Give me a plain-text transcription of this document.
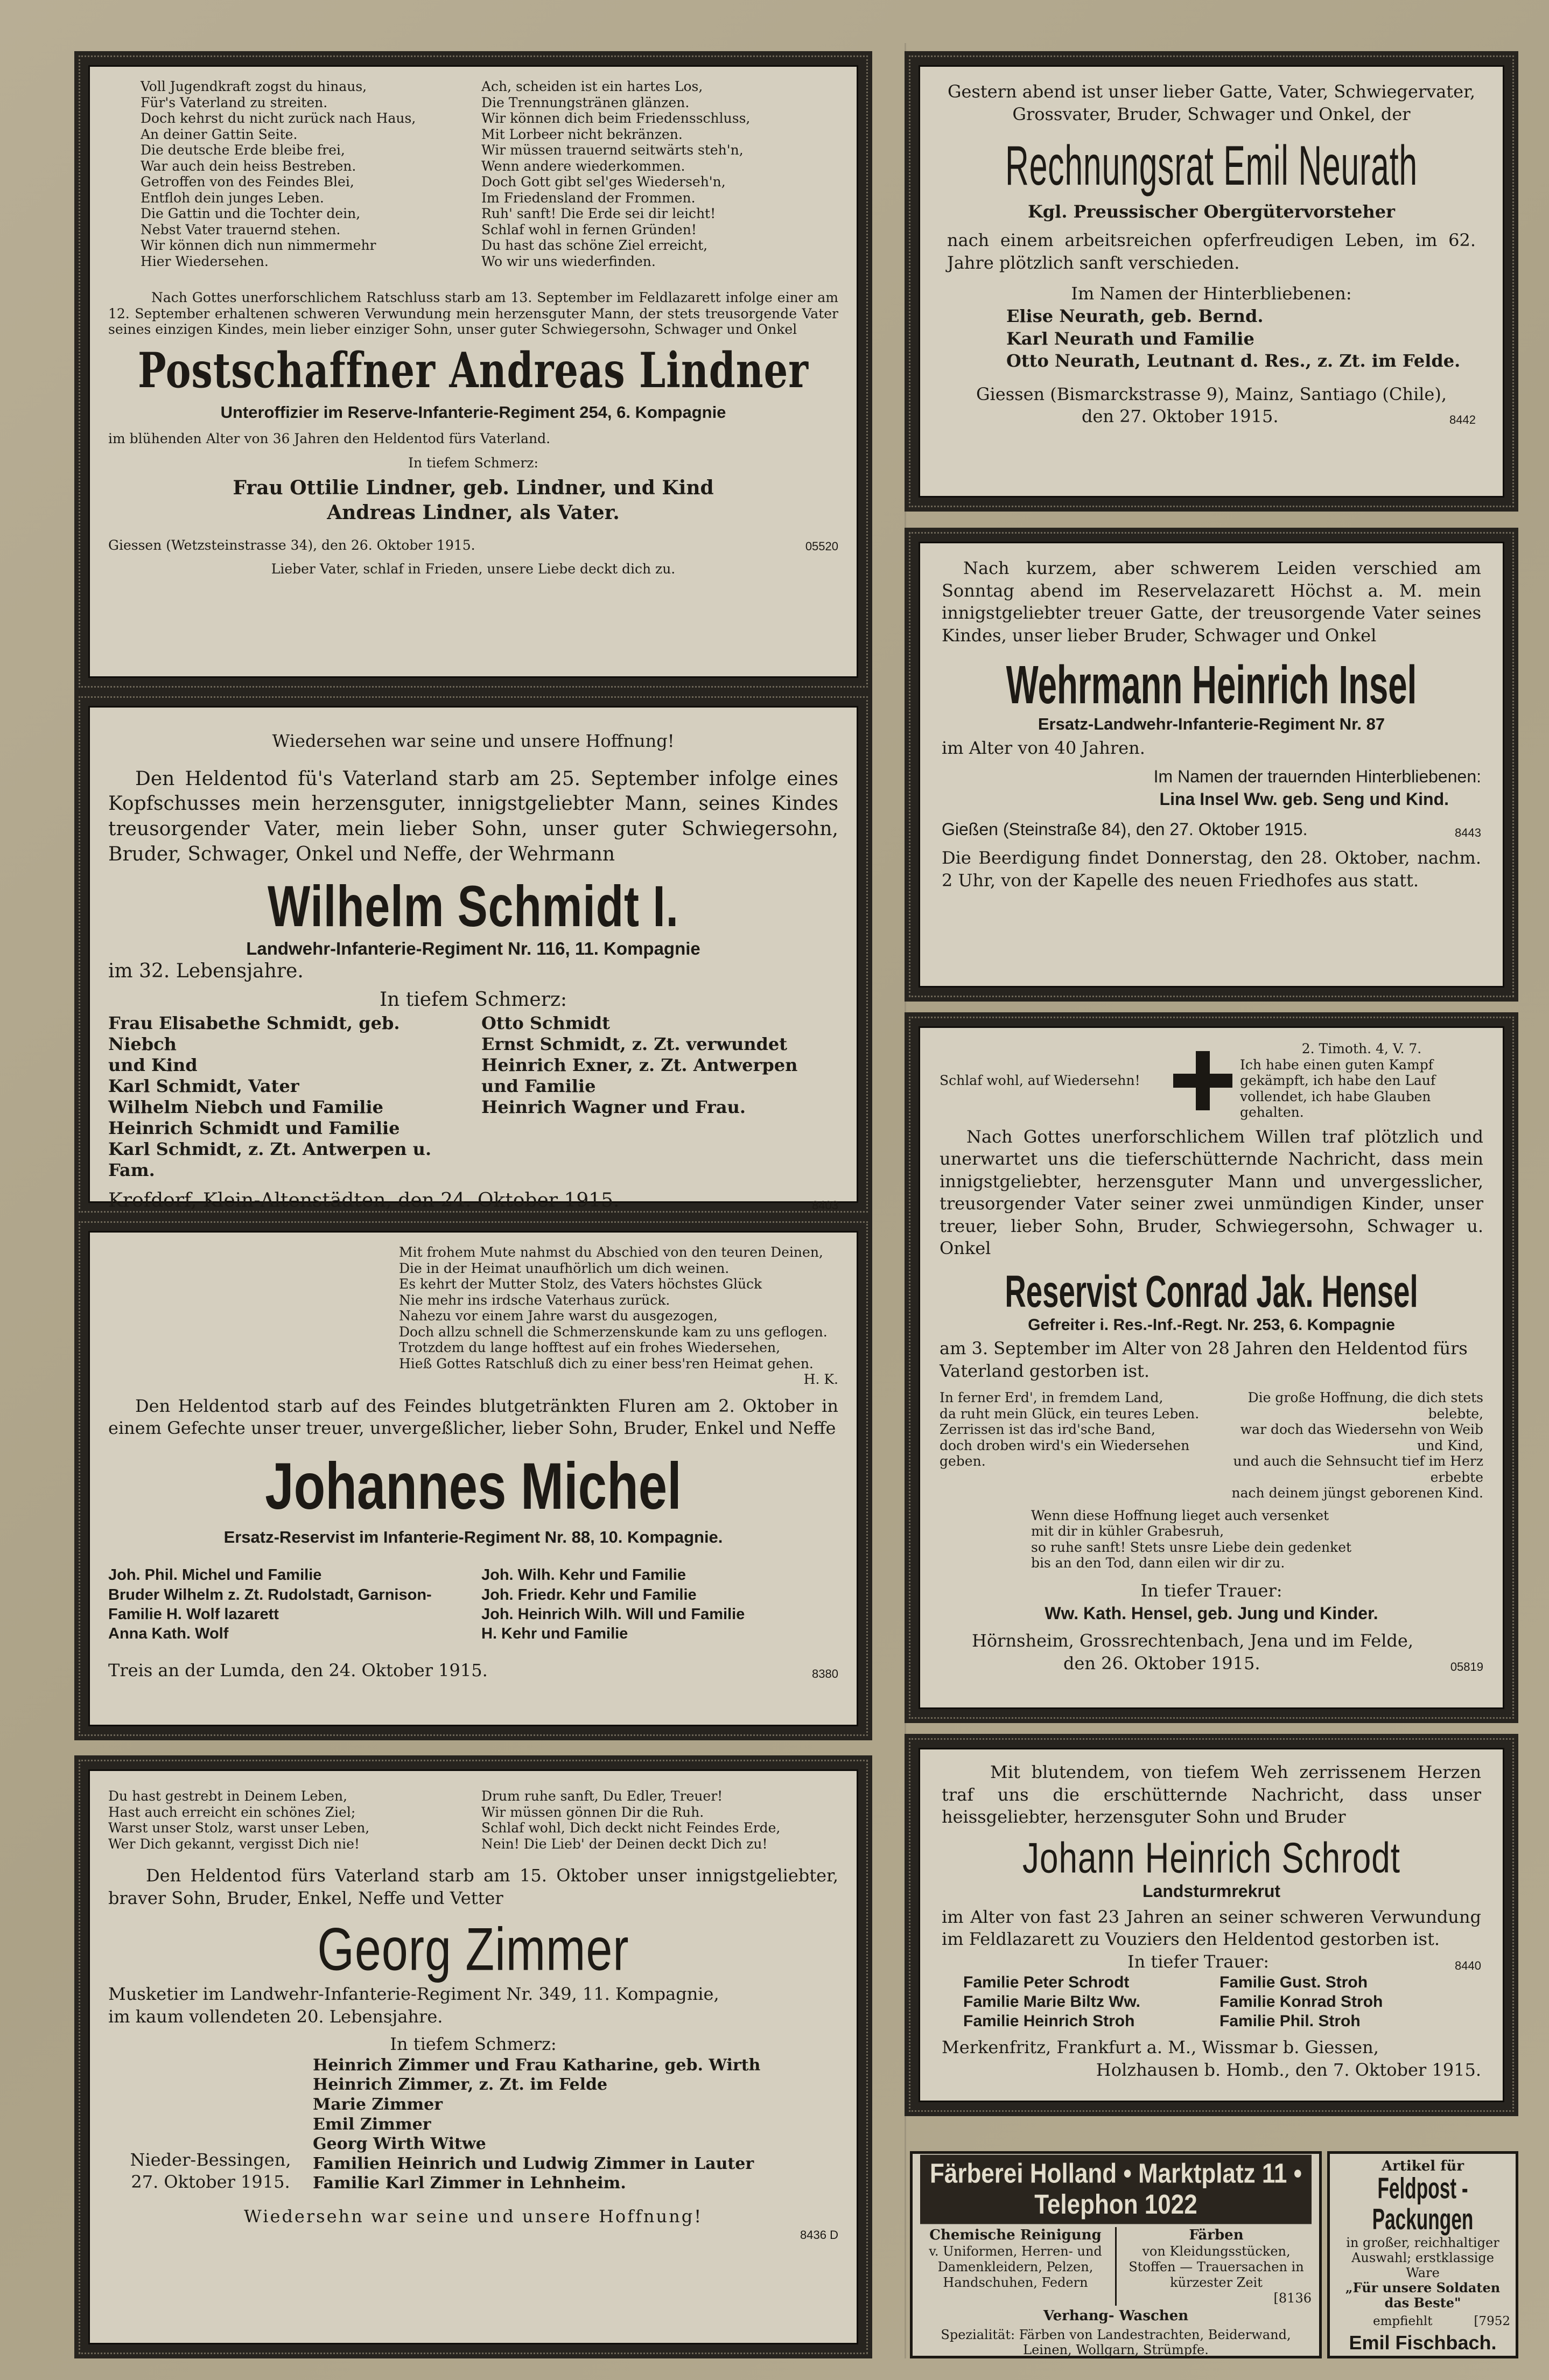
Voll Jugendkraft zogst du hinaus,
Für's Vaterland zu streiten.
Doch kehrst du nicht zurück nach Haus,
An deiner Gattin Seite.
Die deutsche Erde bleibe frei,
War auch dein heiss Bestreben.
Getroffen von des Feindes Blei,
Entfloh dein junges Leben.
Die Gattin und die Tochter dein,
Nebst Vater trauernd stehen.
Wir können dich nun nimmermehr
Hier Wiedersehen.
Ach, scheiden ist ein hartes Los,
Die Trennungstränen glänzen.
Wir können dich beim Friedensschluss,
Mit Lorbeer nicht bekränzen.
Wir müssen trauernd seitwärts steh'n,
Wenn andere wiederkommen.
Doch Gott gibt sel'ges Wiederseh'n,
Im Friedensland der Frommen.
Ruh' sanft! Die Erde sei dir leicht!
Schlaf wohl in fernen Gründen!
Du hast das schöne Ziel erreicht,
Wo wir uns wiederfinden.

Nach Gottes unerforschlichem Ratschluss starb am 13. September im Feldlazarett infolge einer am 12. September erhaltenen schweren Verwundung mein herzensguter Mann, der stets treusorgende Vater seines einzigen Kindes, mein lieber einziger Sohn, unser guter Schwiegersohn, Schwager und Onkel

Postschaffner Andreas Lindner
Unteroffizier im Reserve-Infanterie-Regiment 254, 6. Kompagnie

im blühenden Alter von 36 Jahren den Heldentod fürs Vaterland.

In tiefem Schmerz:

Frau Ottilie Lindner, geb. Lindner, und Kind

Andreas Lindner, als Vater.

Giessen (Wetzsteinstrasse 34), den 26. Oktober 1915.	05520

Lieber Vater, schlaf in Frieden, unsere Liebe deckt dich zu.

Wiedersehen war seine und unsere Hoffnung!

Den Heldentod fü's Vaterland starb am 25. September infolge eines Kopfschusses mein herzensguter, innigstgeliebter Mann, seines Kindes treusorgender Vater, mein lieber Sohn, unser guter Schwiegersohn, Bruder, Schwager, Onkel und Neffe, der Wehrmann

Wilhelm Schmidt I.
Landwehr-Infanterie-Regiment Nr. 116, 11. Kompagnie

im 32. Lebensjahre.

In tiefem Schmerz:

Frau Elisabethe Schmidt, geb. Niebch
und Kind
Karl Schmidt, Vater
Wilhelm Niebch und Familie
Heinrich Schmidt und Familie
Karl Schmidt, z. Zt. Antwerpen u. Fam.
Otto Schmidt
Ernst Schmidt, z. Zt. verwundet
Heinrich Exner, z. Zt. Antwerpen
und Familie
Heinrich Wagner und Frau.
Krofdorf, Klein-Altenstädten, den 24. Oktober 1915.	8403
Mit frohem Mute nahmst du Abschied von den teuren Deinen,
Die in der Heimat unaufhörlich um dich weinen.
Es kehrt der Mutter Stolz, des Vaters höchstes Glück
Nie mehr ins irdsche Vaterhaus zurück.
Nahezu vor einem Jahre warst du ausgezogen,
Doch allzu schnell die Schmerzenskunde kam zu uns geflogen.
Trotzdem du lange hofftest auf ein frohes Wiedersehen,
Hieß Gottes Ratschluß dich zu einer bess'ren Heimat gehen.

H. K.

Den Heldentod starb auf des Feindes blutgetränkten Fluren am 2. Oktober in einem Gefechte unser treuer, unvergeßlicher, lieber Sohn, Bruder, Enkel und Neffe

Johannes Michel
Ersatz-Reservist im Infanterie-Regiment Nr. 88, 10. Kompagnie.
Joh. Phil. Michel und Familie
Bruder Wilhelm z. Zt. Rudolstadt, Garnison-
Familie H. Wolf lazarett
Anna Kath. Wolf
Joh. Wilh. Kehr und Familie
Joh. Friedr. Kehr und Familie
Joh. Heinrich Wilh. Will und Familie
H. Kehr und Familie
Treis an der Lumda, den 24. Oktober 1915.	8380
Du hast gestrebt in Deinem Leben,
Hast auch erreicht ein schönes Ziel;
Warst unser Stolz, warst unser Leben,
Wer Dich gekannt, vergisst Dich nie!
Drum ruhe sanft, Du Edler, Treuer!
Wir müssen gönnen Dir die Ruh.
Schlaf wohl, Dich deckt nicht Feindes Erde,
Nein! Die Lieb' der Deinen deckt Dich zu!

Den Heldentod fürs Vaterland starb am 15. Oktober unser innigstgeliebter, braver Sohn, Bruder, Enkel, Neffe und Vetter

Georg Zimmer

Musketier im Landwehr-Infanterie-Regiment Nr. 349, 11. Kompagnie,

im kaum vollendeten 20. Lebensjahre.

In tiefem Schmerz:

Nieder-Bessingen,

27. Oktober 1915.

Heinrich Zimmer und Frau Katharine, geb. Wirth
Heinrich Zimmer, z. Zt. im Felde
Marie Zimmer
Emil Zimmer
Georg Wirth Witwe
Familien Heinrich und Ludwig Zimmer in Lauter
Familie Karl Zimmer in Lehnheim.

Wiedersehn war seine und unsere Hoffnung!

8436 D

Gestern abend ist unser lieber Gatte, Vater, Schwiegervater, Grossvater, Bruder, Schwager und Onkel, der

Rechnungsrat Emil Neurath

Kgl. Preussischer Obergütervorsteher

nach einem arbeitsreichen opferfreudigen Leben, im 62. Jahre plötzlich sanft verschieden.

Im Namen der Hinterbliebenen:

Elise Neurath, geb. Bernd.
Karl Neurath und Familie
Otto Neurath, Leutnant d. Res., z. Zt. im Felde.

Giessen (Bismarckstrasse 9), Mainz, Santiago (Chile),

den 27. Oktober 1915.	8442

Nach kurzem, aber schwerem Leiden verschied am Sonntag abend im Reservelazarett Höchst a. M. mein innigstgeliebter treuer Gatte, der treusorgende Vater seines Kindes, unser lieber Bruder, Schwager und Onkel

Wehrmann Heinrich Insel
Ersatz-Landwehr-Infanterie-Regiment Nr. 87

im Alter von 40 Jahren.

Im Namen der trauernden Hinterbliebenen:

Lina Insel Ww. geb. Seng und Kind.

Gießen (Steinstraße 84), den 27. Oktober 1915.	8443

Die Beerdigung findet Donnerstag, den 28. Oktober, nachm. 2 Uhr, von der Kapelle des neuen Friedhofes aus statt.

Schlaf wohl, auf Wiedersehn!

2. Timoth. 4, V. 7.

Ich habe einen guten Kampf gekämpft, ich habe den Lauf vollendet, ich habe Glauben gehalten.

Nach Gottes unerforschlichem Willen traf plötzlich und unerwartet uns die tieferschütternde Nachricht, dass mein innigstgeliebter, herzensguter Mann und unvergesslicher, treusorgender Vater seiner zwei unmündigen Kinder, unser treuer, lieber Sohn, Bruder, Schwiegersohn, Schwager u. Onkel

Reservist Conrad Jak. Hensel
Gefreiter i. Res.-Inf.-Regt. Nr. 253, 6. Kompagnie

am 3. September im Alter von 28 Jahren den Heldentod fürs Vaterland gestorben ist.

In ferner Erd', in fremdem Land,
da ruht mein Glück, ein teures Leben.
Zerrissen ist das ird'sche Band,
doch droben wird's ein Wiedersehen geben.
Die große Hoffnung, die dich stets belebte,
war doch das Wiedersehn von Weib und Kind,
und auch die Sehnsucht tief im Herz erbebte
nach deinem jüngst geborenen Kind.
Wenn diese Hoffnung lieget auch versenket
mit dir in kühler Grabesruh,
so ruhe sanft! Stets unsre Liebe dein gedenket
bis an den Tod, dann eilen wir dir zu.

In tiefer Trauer:

Ww. Kath. Hensel, geb. Jung und Kinder.

Hörnsheim, Grossrechtenbach, Jena und im Felde,

den 26. Oktober 1915.	05819

Mit blutendem, von tiefem Weh zerrissenem Herzen traf uns die erschütternde Nachricht, dass unser heissgeliebter, herzensguter Sohn und Bruder

Johann Heinrich Schrodt

Landsturmrekrut

im Alter von fast 23 Jahren an seiner schweren Verwundung im Feldlazarett zu Vouziers den Heldentod gestorben ist.

In tiefer Trauer:	8440
Familie Peter Schrodt
Familie Marie Biltz Ww.
Familie Heinrich Stroh
Familie Gust. Stroh
Familie Konrad Stroh
Familie Phil. Stroh

Merkenfritz, Frankfurt a. M., Wissmar b. Giessen,

Holzhausen b. Homb., den 7. Oktober 1915.

Färberei Holland • Marktplatz 11 • Telephon 1022

Chemische Reinigung

v. Uniformen, Herren- und Damenkleidern, Pelzen, Handschuhen, Federn

Färben

von Kleidungsstücken, Stoffen — Trauersachen in kürzester Zeit

[8136

Verhang- Waschen

Spezialität: Färben von Landestrachten, Beiderwand, Leinen, Wollgarn, Strümpfe.

Artikel für

Feldpost - Packungen

in großer, reichhaltiger Auswahl; erstklassige Ware

„Für unsere Soldaten das Beste"

empfiehlt	[7952

Emil Fischbach.
